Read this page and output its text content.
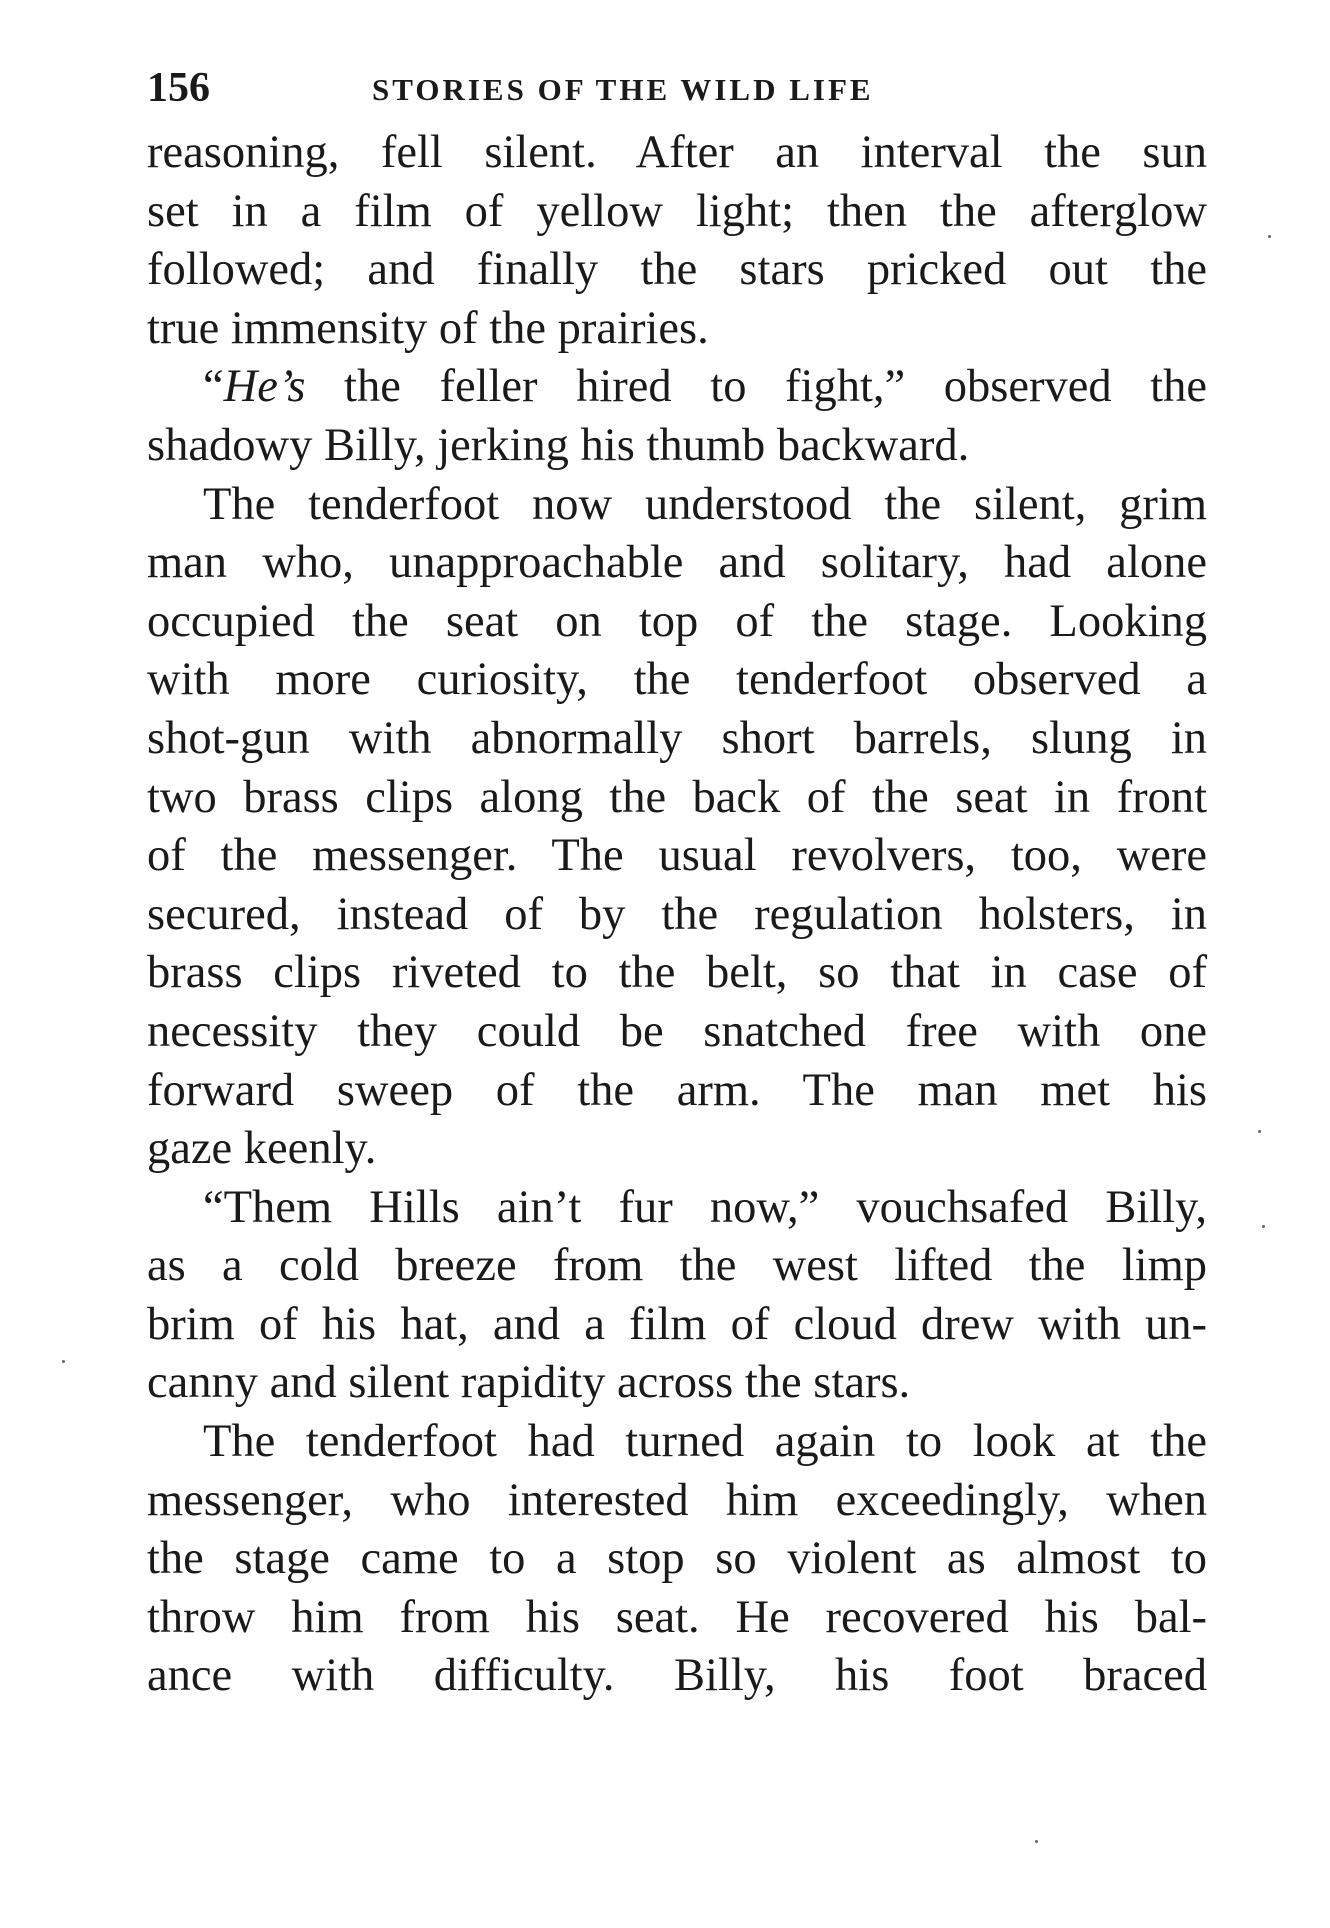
156	STORIES OF THE WILD LIFE
reasoning, fell silent. After an interval the sun
set in a film of yellow light; then the afterglow
followed; and finally the stars pricked out the
true immensity of the prairies.
“He’s the feller hired to fight,” observed the
shadowy Billy, jerking his thumb backward.
The tenderfoot now understood the silent, grim
man who, unapproachable and solitary, had alone
occupied the seat on top of the stage. Looking
with more curiosity, the tenderfoot observed a
shot-gun with abnormally short barrels, slung in
two brass clips along the back of the seat in front
of the messenger. The usual revolvers, too, were
secured, instead of by the regulation holsters, in
brass clips riveted to the belt, so that in case of
necessity they could be snatched free with one
forward sweep of the arm. The man met his
gaze keenly.
“Them Hills ain’t fur now,” vouchsafed Billy,
as a cold breeze from the west lifted the limp
brim of his hat, and a film of cloud drew with un-
canny and silent rapidity across the stars.
The tenderfoot had turned again to look at the
messenger, who interested him exceedingly, when
the stage came to a stop so violent as almost to
throw him from his seat. He recovered his bal-
ance with difficulty. Billy, his foot braced
